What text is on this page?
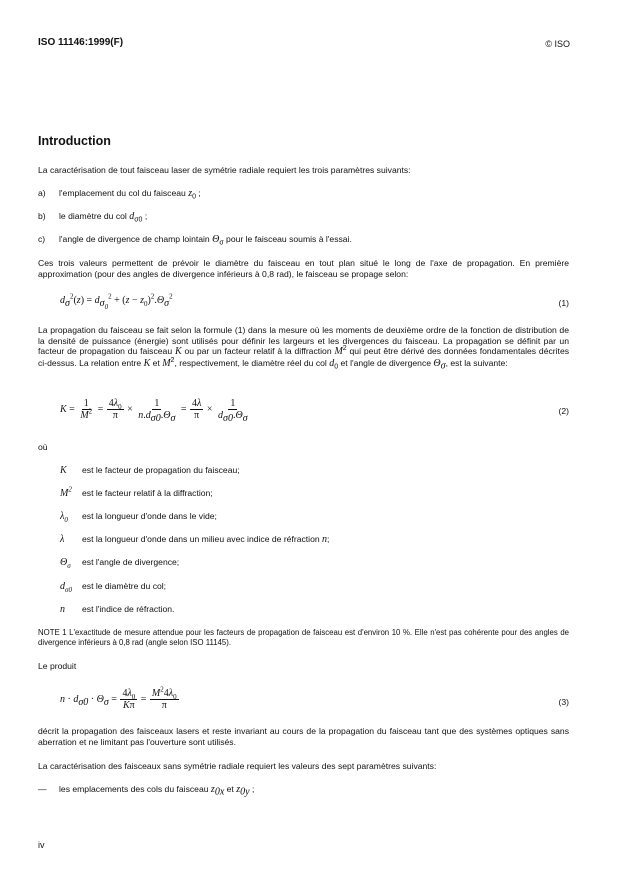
ISO 11146:1999(F)	© ISO
Introduction
La caractérisation de tout faisceau laser de symétrie radiale requiert les trois paramètres suivants:
a) l'emplacement du col du faisceau $z_0$ ;
b) le diamètre du col $d_{\sigma 0}$ ;
c) l'angle de divergence de champ lointain $\Theta_\sigma$ pour le faisceau soumis à l'essai.
Ces trois valeurs permettent de prévoir le diamètre du faisceau en tout plan situé le long de l'axe de propagation. En première approximation (pour des angles de divergence inférieurs à 0,8 rad), le faisceau se propage selon:
$d_\sigma^2(z) = d_{\sigma_0}^2 + (z - z_0)^2.\Theta_\sigma^2$
(1)
La propagation du faisceau se fait selon la formule (1) dans la mesure où les moments de deuxième ordre de la fonction de distribution de la densité de puissance (énergie) sont utilisés pour définir les largeurs et les divergences du faisceau. La propagation se définit par un facteur de propagation du faisceau K ou par un facteur relatif à la diffraction $M^2$ qui peut être dérivé des données fondamentales décrites ci-dessus. La relation entre K et $M^2$, respectivement, le diamètre réel du col $d_0$ et l'angle de divergence $\Theta_\sigma$, est la suivante:
$K = \frac{1}{M^2} = \frac{4\lambda_0}{\pi} \times \frac{1}{n.d_{\sigma 0}.\Theta_\sigma} = \frac{4\lambda}{\pi} \times \frac{1}{d_{\sigma 0}.\Theta_\sigma}$	(2)
où
K est le facteur de propagation du faisceau;
$M^2$ est le facteur relatif à la diffraction;
$\lambda_0$ est la longueur d'onde dans le vide;
λ est la longueur d'onde dans un milieu avec indice de réfraction n;
$\Theta_\sigma$ est l'angle de divergence;
$d_{\sigma 0}$ est le diamètre du col;
n est l'indice de réfraction.
NOTE 1 L'exactitude de mesure attendue pour les facteurs de propagation de faisceau est d'environ 10 %. Elle n'est pas cohérente pour des angles de divergence inférieurs à 0,8 rad (angle selon ISO 11145).
Le produit
$n \cdot d_{\sigma 0} \cdot \Theta_\sigma = \frac{4\lambda_0}{K\pi} = \frac{M^24\lambda_0}{\pi}$	(3)
décrit la propagation des faisceaux lasers et reste invariant au cours de la propagation du faisceau tant que des systèmes optiques sans aberration et ne limitant pas l'ouverture sont utilisés.
La caractérisation des faisceaux sans symétrie radiale requiert les valeurs des sept paramètres suivants:
— les emplacements des cols du faisceau $z_{0x}$ et $z_{0y}$ ;
iv
